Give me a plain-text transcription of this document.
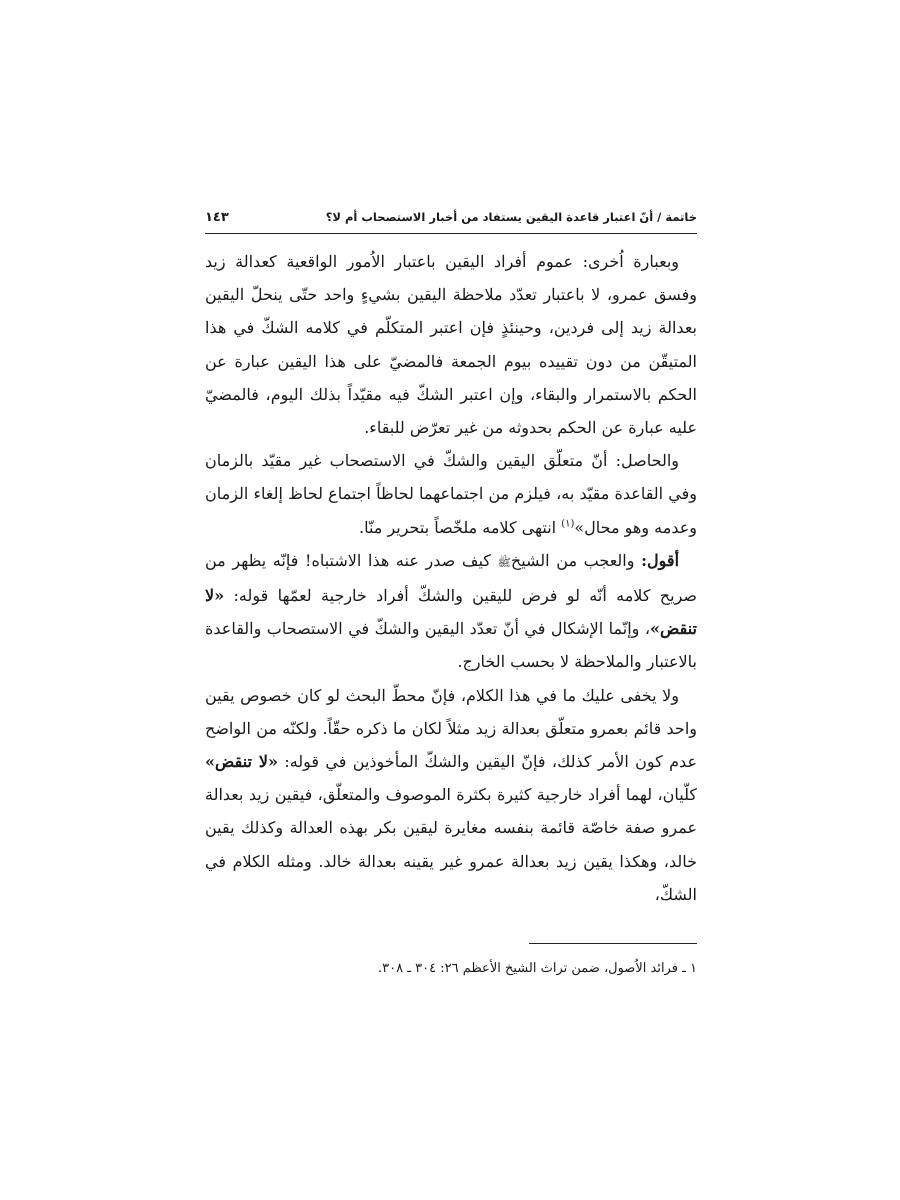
خاتمة / أنّ اعتبار قاعدة اليقين يستفاد من أخبار الاستصحاب أم لا؟
١٤٣

وبعبارة اُخرى: عموم أفراد اليقين باعتبار الاُمور الواقعية كعدالة زيد وفسق عمرو، لا باعتبار تعدّد ملاحظة اليقين بشيءٍ واحد حتّى ينحلّ اليقين بعدالة زيد إلى فردين، وحينئذٍ فإن اعتبر المتكلّم في كلامه الشكّ في هذا المتيقّن من دون تقييده بيوم الجمعة فالمضيّ على هذا اليقين عبارة عن الحكم بالاستمرار والبقاء، وإن اعتبر الشكّ فيه مقيّداً بذلك اليوم، فالمضيّ عليه عبارة عن الحكم بحدوثه من غير تعرّض للبقاء.

والحاصل: أنّ متعلّق اليقين والشكّ في الاستصحاب غير مقيّد بالزمان وفي القاعدة مقيّد به، فيلزم من اجتماعهما لحاظاً اجتماع لحاظ إلغاء الزمان وعدمه وهو محال»$^{(١)}$ انتهى كلامه ملخّصاً بتحرير منّا.

أقول: والعجب من الشيخﷺ كيف صدر عنه هذا الاشتباه! فإنّه يظهر من صريح كلامه أنّه لو فرض لليقين والشكّ أفراد خارجية لعمّها قوله: «لا تنقض»، وإنّما الإشكال في أنّ تعدّد اليقين والشكّ في الاستصحاب والقاعدة بالاعتبار والملاحظة لا بحسب الخارج.

ولا يخفى عليك ما في هذا الكلام، فإنّ محطّ البحث لو كان خصوص يقين واحد قائم بعمرو متعلّق بعدالة زيد مثلاً لكان ما ذكره حقّاً. ولكنّه من الواضح عدم كون الأمر كذلك، فإنّ اليقين والشكّ المأخوذين في قوله: «لا تنقض» كلّيان، لهما أفراد خارجية كثيرة بكثرة الموصوف والمتعلّق، فيقين زيد بعدالة عمرو صفة خاصّة قائمة بنفسه مغايرة ليقين بكر بهذه العدالة وكذلك يقين خالد، وهكذا يقين زيد بعدالة عمرو غير يقينه بعدالة خالد. ومثله الكلام في الشكّ،

١ ـ فرائد الاُصول، ضمن تراث الشيخ الأعظم ٢٦: ٣٠٤ ـ ٣٠٨.
